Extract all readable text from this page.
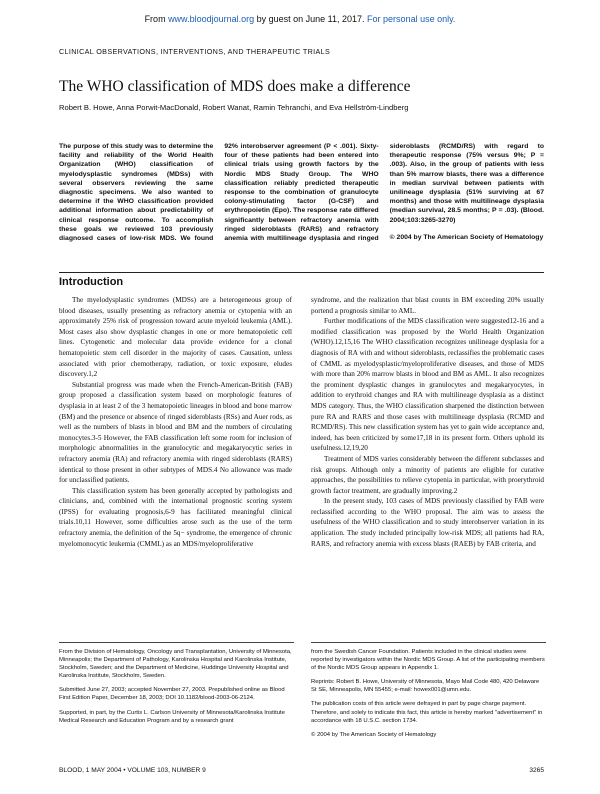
From www.bloodjournal.org by guest on June 11, 2017. For personal use only.
CLINICAL OBSERVATIONS, INTERVENTIONS, AND THERAPEUTIC TRIALS
The WHO classification of MDS does make a difference
Robert B. Howe, Anna Porwit-MacDonald, Robert Wanat, Ramin Tehranchi, and Eva Hellström-Lindberg
The purpose of this study was to determine the facility and reliability of the World Health Organization (WHO) classification of myelodysplastic syndromes (MDSs) with several observers reviewing the same diagnostic specimens. We also wanted to determine if the WHO classification provided additional information about predictability of clinical response outcome. To accomplish these goals we reviewed 103 previously diagnosed cases of low-risk MDS. We found 92% interobserver agreement (P < .001). Sixty-four of these patients had been entered into clinical trials using growth factors by the Nordic MDS Study Group. The WHO classification reliably predicted therapeutic response to the combination of granulocyte colony-stimulating factor (G-CSF) and erythropoietin (Epo). The response rate differed significantly between refractory anemia with ringed sideroblasts (RARS) and refractory anemia with multilineage dysplasia and ringed sideroblasts (RCMD/RS) with regard to therapeutic response (75% versus 9%; P = .003). Also, in the group of patients with less than 5% marrow blasts, there was a difference in median survival between patients with unilineage dysplasia (51% surviving at 67 months) and those with multilineage dysplasia (median survival, 28.5 months; P = .03). (Blood. 2004;103:3265-3270)
© 2004 by The American Society of Hematology
Introduction

The myelodysplastic syndromes (MDSs) are a heterogeneous group of blood diseases, usually presenting as refractory anemia or cytopenia with an approximately 25% risk of progression toward acute myeloid leukemia (AML). Most cases also show dysplastic changes in one or more hematopoietic cell lines. Cytogenetic and molecular data provide evidence for a clonal hematopoietic stem cell disorder in the majority of cases. Causation, unless associated with prior chemotherapy, radiation, or toxic exposure, eludes discovery.1,2

Substantial progress was made when the French-American-British (FAB) group proposed a classification system based on morphologic features of dysplasia in at least 2 of the 3 hematopoietic lineages in blood and bone marrow (BM) and the presence or absence of ringed sideroblasts (RSs) and Auer rods, as well as the numbers of blasts in blood and BM and the numbers of circulating monocytes.3-5 However, the FAB classification left some room for inclusion of morphologic abnormalities in the granulocytic and megakaryocytic series in refractory anemia (RA) and refractory anemia with ringed sideroblasts (RARS) identical to those present in other subtypes of MDS.4 No allowance was made for unclassified patients.

This classification system has been generally accepted by pathologists and clinicians, and, combined with the international prognostic scoring system (IPSS) for evaluating prognosis,6-9 has facilitated meaningful clinical trials.10,11 However, some difficulties arose such as the use of the term refractory anemia, the definition of the 5q− syndrome, the emergence of chronic myelomonocytic leukemia (CMML) as an MDS/myeloproliferative

syndrome, and the realization that blast counts in BM exceeding 20% usually portend a prognosis similar to AML.

Further modifications of the MDS classification were suggested12-16 and a modified classification was proposed by the World Health Organization (WHO).12,15,16 The WHO classification recognizes unilineage dysplasia for a diagnosis of RA with and without sideroblasts, reclassifies the problematic cases of CMML as myelodysplastic/myeloproliferative diseases, and those of MDS with more than 20% marrow blasts in blood and BM as AML. It also recognizes the prominent dysplastic changes in granulocytes and megakaryocytes, in addition to erythroid changes and RA with multilineage dysplasia as a distinct MDS category. Thus, the WHO classification sharpened the distinction between pure RA and RARS and those cases with multilineage dysplasia (RCMD and RCMD/RS). This new classification system has yet to gain wide acceptance and, indeed, has been criticized by some17,18 in its present form. Others uphold its usefulness.12,19,20

Treatment of MDS varies considerably between the different subclasses and risk groups. Although only a minority of patients are eligible for curative approaches, the possibilities to relieve cytopenia in particular, with proerythroid growth factor treatment, are gradually improving.2

In the present study, 103 cases of MDS previously classified by FAB were reclassified according to the WHO proposal. The aim was to assess the usefulness of the WHO classification and to study interobserver variation in its application. The study included principally low-risk MDS; all patients had RA, RARS, and refractory anemia with excess blasts (RAEB) by FAB criteria, and

From the Division of Hematology, Oncology and Transplantation, University of Minnesota, Minneapolis; the Department of Pathology, Karolinska Hospital and Karolinska Institute, Stockholm, Sweden; and the Department of Medicine, Huddinge University Hospital and Karolinska Institute, Stockholm, Sweden.

Submitted June 27, 2003; accepted November 27, 2003. Prepublished online as Blood First Edition Paper, December 18, 2003; DOI 10.1182/blood-2003-06-2124.

Supported, in part, by the Curtis L. Carlson University of Minnesota/Karolinska Institute Medical Research and Education Program and by a research grant

from the Swedish Cancer Foundation. Patients included in the clinical studies were reported by investigators within the Nordic MDS Group. A list of the participating members of the Nordic MDS Group appears in Appendix 1.

Reprints: Robert B. Howe, University of Minnesota, Mayo Mail Code 480, 420 Delaware St SE, Minneapolis, MN 55455; e-mail: howex001@umn.edu.

The publication costs of this article were defrayed in part by page charge payment. Therefore, and solely to indicate this fact, this article is hereby marked "advertisement" in accordance with 18 U.S.C. section 1734.

© 2004 by The American Society of Hematology

BLOOD, 1 MAY 2004 • VOLUME 103, NUMBER 9	3265
